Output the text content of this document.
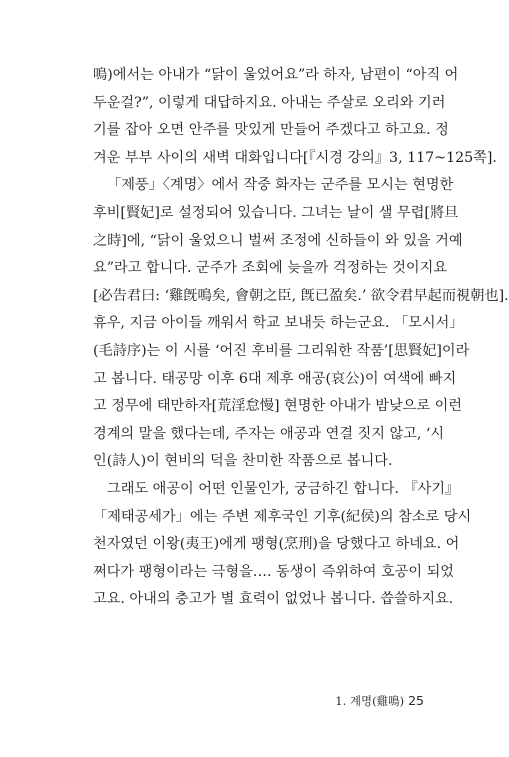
鳴)에서는 아내가 “닭이 울었어요”라 하자, 남편이 “아직 어
두운걸?”, 이렇게 대답하지요. 아내는 주살로 오리와 기러
기를 잡아 오면 안주를 맛있게 만들어 주겠다고 하고요. 정
겨운 부부 사이의 새벽 대화입니다[『시경 강의』3, 117~125쪽].
「제풍」〈계명〉에서 작중 화자는 군주를 모시는 현명한
후비[賢妃]로 설정되어 있습니다. 그녀는 날이 샐 무렵[將旦
之時]에, “닭이 울었으니 벌써 조정에 신하들이 와 있을 거예
요”라고 합니다. 군주가 조회에 늦을까 걱정하는 것이지요
[必告君曰: ‘雞旣鳴矣, 會朝之臣, 旣已盈矣.’ 欲令君早起而視朝也].
휴우, 지금 아이들 깨워서 학교 보내듯 하는군요. 「모시서」
(毛詩序)는 이 시를 ‘어진 후비를 그리워한 작품’[思賢妃]이라
고 봅니다. 태공망 이후 6대 제후 애공(哀公)이 여색에 빠지
고 정무에 태만하자[荒淫怠慢] 현명한 아내가 밤낮으로 이런
경계의 말을 했다는데, 주자는 애공과 연결 짓지 않고, ‘시
인(詩人)이 현비의 덕을 찬미한 작품으로 봅니다.
그래도 애공이 어떤 인물인가, 궁금하긴 합니다. 『사기』
「제태공세가」에는 주변 제후국인 기후(紀侯)의 참소로 당시
천자였던 이왕(夷王)에게 팽형(烹刑)을 당했다고 하네요. 어
쩌다가 팽형이라는 극형을…. 동생이 즉위하여 호공이 되었
고요. 아내의 충고가 별 효력이 없었나 봅니다. 씁쓸하지요.
1. 계명(雞鳴) 25
